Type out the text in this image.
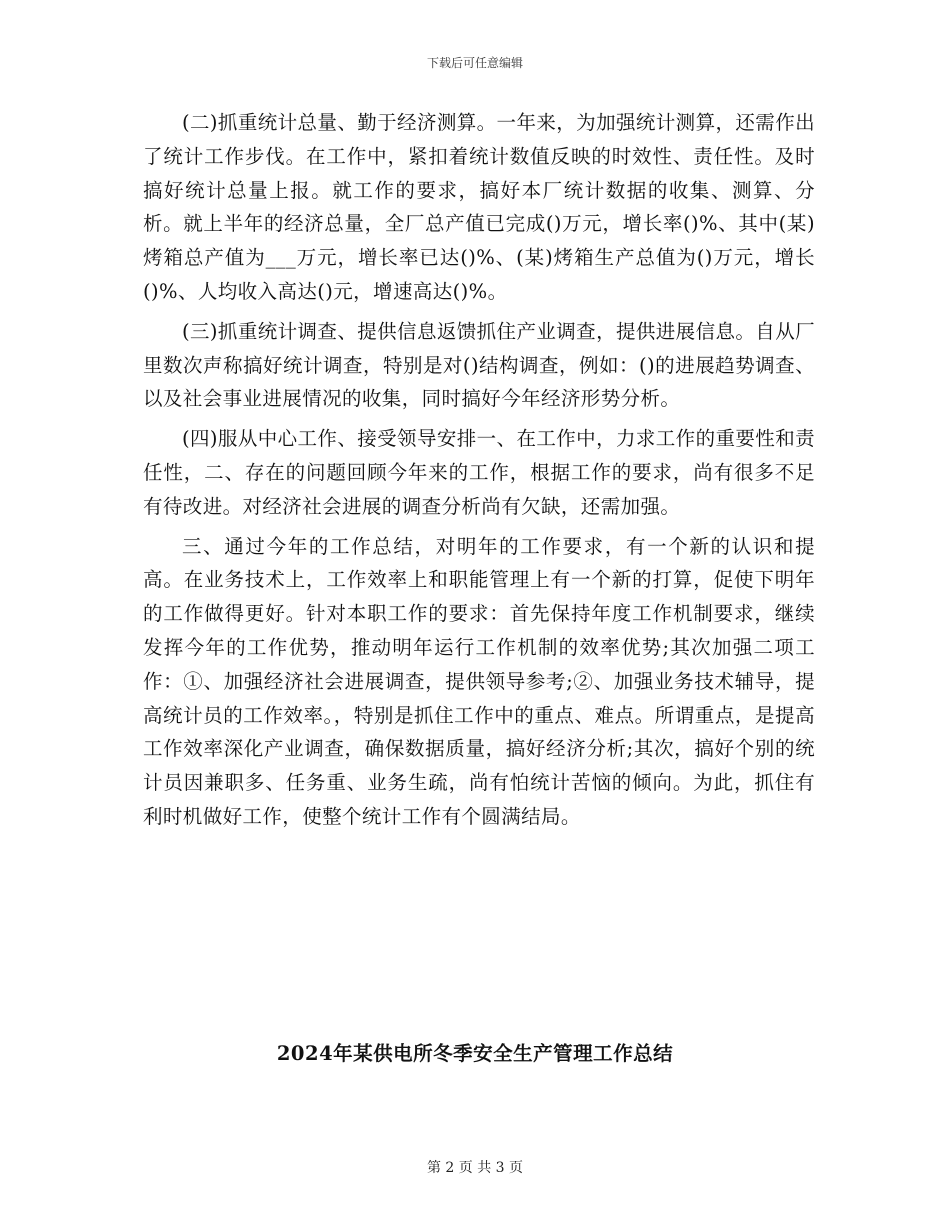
下载后可任意编辑

(二)抓重统计总量、勤于经济测算。一年来，为加强统计测算，还需作出了统计工作步伐。在工作中，紧扣着统计数值反映的时效性、责任性。及时搞好统计总量上报。就工作的要求，搞好本厂统计数据的收集、测算、分析。就上半年的经济总量，全厂总产值已完成()万元，增长率()%、其中(某)烤箱总产值为___万元，增长率已达()%、(某)烤箱生产总值为()万元，增长()%、人均收入高达()元，增速高达()%。

(三)抓重统计调查、提供信息返馈抓住产业调查，提供进展信息。自从厂里数次声称搞好统计调查，特别是对()结构调查，例如：()的进展趋势调查、以及社会事业进展情况的收集，同时搞好今年经济形势分析。

(四)服从中心工作、接受领导安排一、在工作中，力求工作的重要性和责任性，二、存在的问题回顾今年来的工作，根据工作的要求，尚有很多不足有待改进。对经济社会进展的调查分析尚有欠缺，还需加强。

三、通过今年的工作总结，对明年的工作要求，有一个新的认识和提高。在业务技术上，工作效率上和职能管理上有一个新的打算，促使下明年的工作做得更好。针对本职工作的要求：首先保持年度工作机制要求，继续发挥今年的工作优势，推动明年运行工作机制的效率优势;其次加强二项工作：①、加强经济社会进展调查，提供领导参考;②、加强业务技术辅导，提高统计员的工作效率。，特别是抓住工作中的重点、难点。所谓重点，是提高工作效率深化产业调查，确保数据质量，搞好经济分析;其次，搞好个别的统计员因兼职多、任务重、业务生疏，尚有怕统计苦恼的倾向。为此，抓住有利时机做好工作，使整个统计工作有个圆满结局。

2024年某供电所冬季安全生产管理工作总结
第 2 页 共 3 页
